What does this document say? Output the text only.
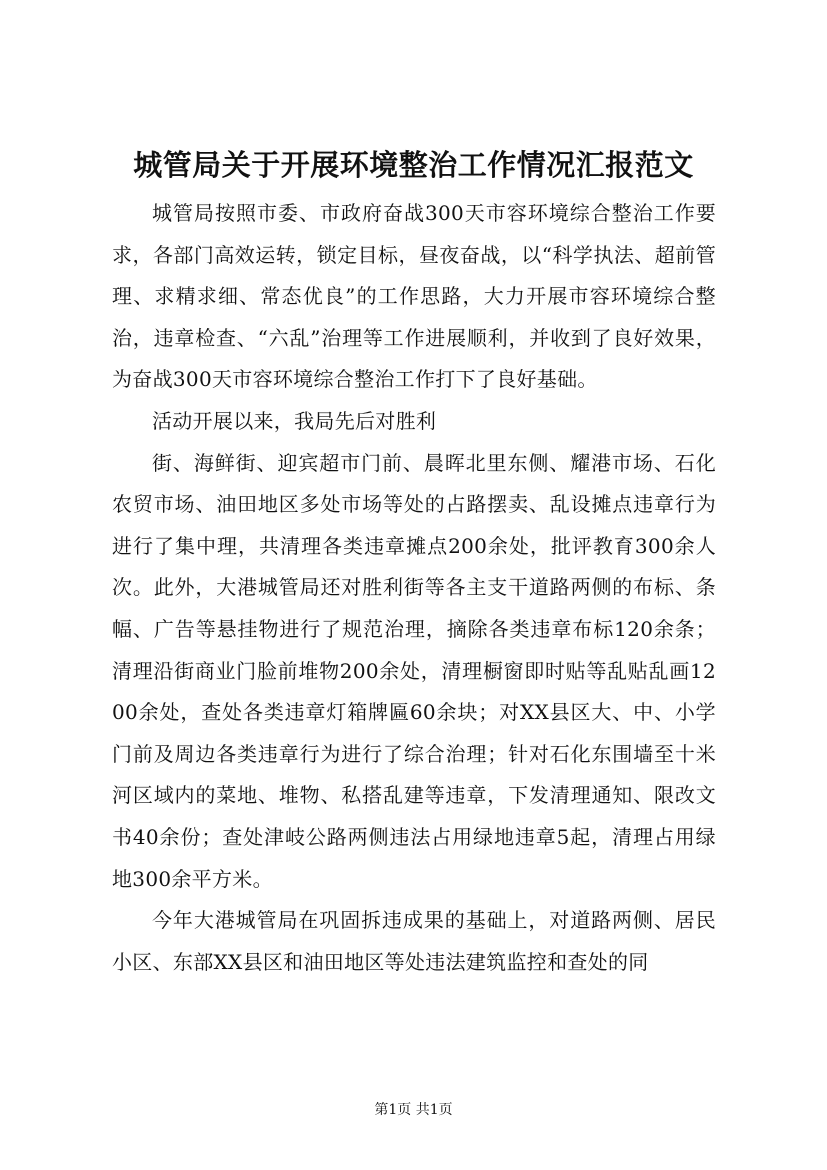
城管局关于开展环境整治工作情况汇报范文

城管局按照市委、市政府奋战300天市容环境综合整治工作要求，各部门高效运转，锁定目标，昼夜奋战，以“科学执法、超前管理、求精求细、常态优良”的工作思路，大力开展市容环境综合整治，违章检查、“六乱”治理等工作进展顺利，并收到了良好效果，为奋战300天市容环境综合整治工作打下了良好基础。

活动开展以来，我局先后对胜利

街、海鲜街、迎宾超市门前、晨晖北里东侧、耀港市场、石化农贸市场、油田地区多处市场等处的占路摆卖、乱设摊点违章行为进行了集中理，共清理各类违章摊点200余处，批评教育300余人次。此外，大港城管局还对胜利街等各主支干道路两侧的布标、条幅、广告等悬挂物进行了规范治理，摘除各类违章布标120余条；清理沿街商业门脸前堆物200余处，清理橱窗即时贴等乱贴乱画1200余处，查处各类违章灯箱牌匾60余块；对XX县区大、中、小学门前及周边各类违章行为进行了综合治理；针对石化东围墙至十米河区域内的菜地、堆物、私搭乱建等违章，下发清理通知、限改文书40余份；查处津岐公路两侧违法占用绿地违章5起，清理占用绿地300余平方米。

今年大港城管局在巩固拆违成果的基础上，对道路两侧、居民小区、东部XX县区和油田地区等处违法建筑监控和查处的同

第1页 共1页
